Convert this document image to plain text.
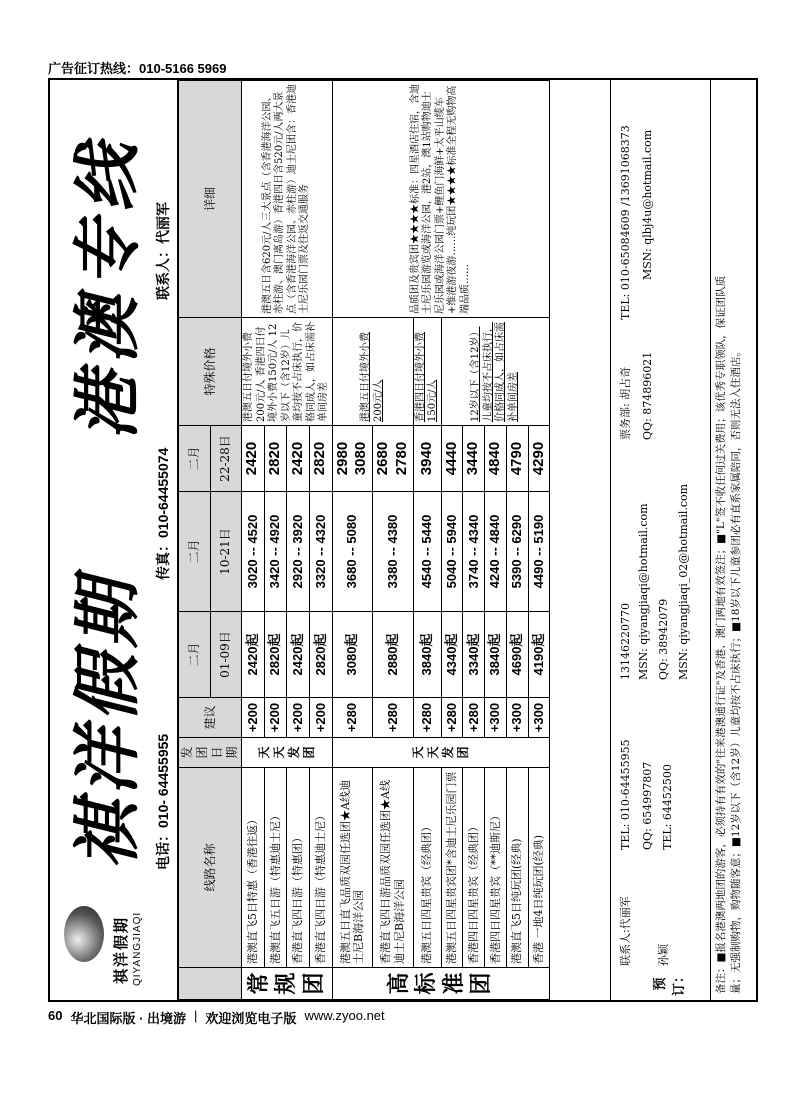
广告征订热线：010-5166 5969
祺洋假期 QIYANGJIAQI
祺洋假期
港澳专线
电话：010- 64455955
传真：010-64455074
联系人：代丽军
	线路名称	发团日期	建议	二月	二月	二月	特殊价格	详细
				01-09日	10-21日	22-28日		
常规团	港澳直飞5日特惠（香港往返）	天天发团	+200	2420起	3020 -- 4520	2420	港澳五日付境外小费200元/人 香港四日付境外小费150元/人 12岁以下（含12岁）儿童均按不占床执行，价格同成人，如占床需补单间房差	港澳五日含620元/人三大景点（含香港海洋公园、赤柱游、澳门离岛游）香港四日含520元/人两大景点（含香港海洋公园、赤柱游）迪士尼团含：香港迪士尼乐园门票及往返交通服务
	港澳直飞五日游（特惠迪士尼）		+200	2820起	3420 -- 4920	2820		
	香港直飞四日游（特惠团）		+200	2420起	2920 -- 3920	2420		
	香港直飞四日游（特惠迪士尼）		+200	2820起	3320 -- 4320	2820		
高标准团	港澳五日直飞品质双园任选团★A线迪士尼B海洋公园	天天发团	+280	3080起	3680 -- 5080	2980 3080	港澳五日付境外小费200元/人	品质团及贵宾团★★★★标准：四星酒店住宿，含迪士尼乐园游览或海洋公园，港2站，澳1站购物迪士尼乐园或海洋公园门票+鲤鱼门海鲜+太平山缆车+维港游夜游……纯玩团★★★★标准全程无购物高端品质……
	香港直飞四日游品质双园任选团★A线迪士尼B海洋公园		+280	2880起	3380 -- 4380	2680 2780		
	港澳五日四星贵宾（经典团）		+280	3840起	4540 -- 5440	3940	香港四日付境外小费150元/人	
	港澳五日四星贵宾团*含迪士尼乐园门票		+280	4340起	5040 -- 5940	4440	12岁以下（含12岁）儿童均按不占床执行，价格同成人，如占床需补单间房差	
	香港四日四星贵宾（经典团）		+280	3340起	3740 -- 4340	3440		
	香港四日四星贵宾（**迪斯尼）		+300	3840起	4240 -- 4840	4840		
	港澳直飞5日纯玩团(经典)		+300	4690起	5390 -- 6290	4790		
	香港 一地4日纯玩团(经典)		+300	4190起	4490 -- 5190	4290		
预订：
联系人:代丽军
TEL: 010-64455955
13146220770 MSN: qiyangjiaqi@hotmail.com
孙颖
QQ: 654997807 TEL: 64452500
QQ: 38942079 MSN: qiyangjiaqi_02@hotmail.com
票务部: 胡占奇
TEL: 010-65084609 /13691068373
QQ: 874896021
MSN: qlbj4u@hotmail.com
备注：■报名港澳两地团的游客，必须持有有效的"往来港澳通行证"及香港、澳门两地有效签注；■"L"签不收任何过关费用；该优秀专职领队，保证团队质 量；无强制购物，购物随客意；■12岁以下（含12岁）儿童均按不占床执行；■18岁以下儿童参团必有直系家属陪同，否则无法入住酒店。
60 华北国际版 · 出境游 | 欢迎浏览电子版 www.zyoo.net
